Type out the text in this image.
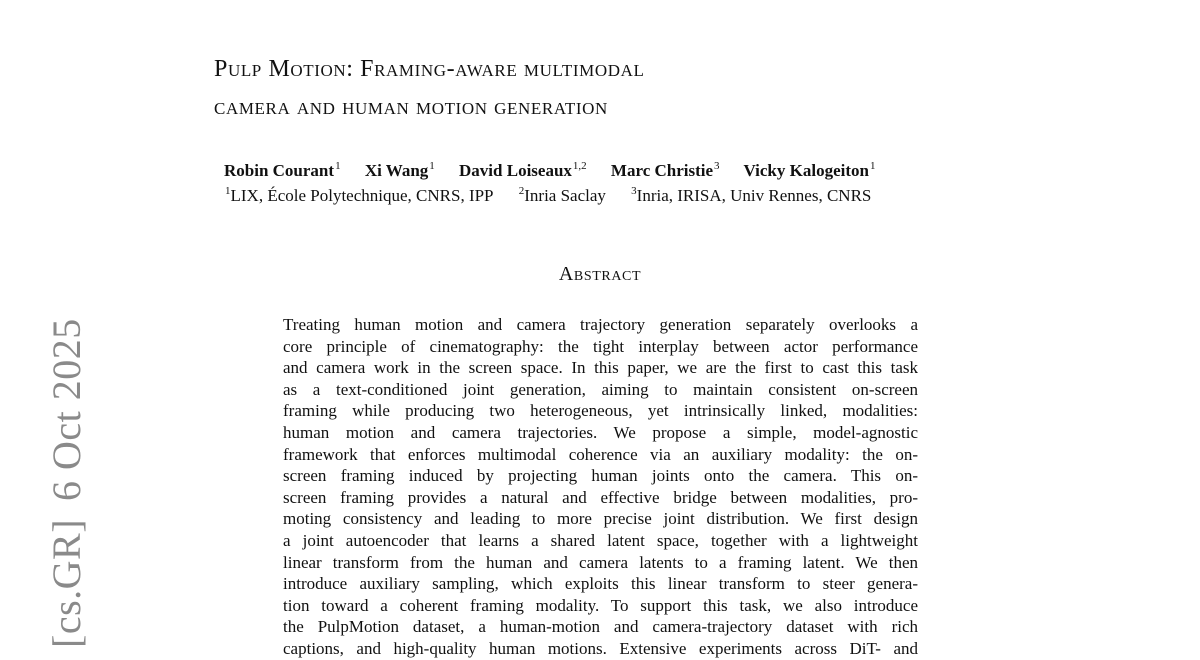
[cs.GR]6 Oct 2025
Pulp Motion: Framing-aware multimodal
camera and human motion generation
Robin Courant$^1$ Xi Wang$^1$ David Loiseaux$^{1,2}$ Marc Christie$^3$ Vicky Kalogeiton$^1$
$^1$LIX, École Polytechnique, CNRS, IPP $^2$Inria Saclay $^3$Inria, IRISA, Univ Rennes, CNRS
Abstract
Treating human motion and camera trajectory generation separately overlooks a
core principle of cinematography: the tight interplay between actor performance
and camera work in the screen space. In this paper, we are the first to cast this task
as a text-conditioned joint generation, aiming to maintain consistent on-screen
framing while producing two heterogeneous, yet intrinsically linked, modalities:
human motion and camera trajectories. We propose a simple, model-agnostic
framework that enforces multimodal coherence via an auxiliary modality: the on-
screen framing induced by projecting human joints onto the camera. This on-
screen framing provides a natural and effective bridge between modalities, pro-
moting consistency and leading to more precise joint distribution. We first design
a joint autoencoder that learns a shared latent space, together with a lightweight
linear transform from the human and camera latents to a framing latent. We then
introduce auxiliary sampling, which exploits this linear transform to steer genera-
tion toward a coherent framing modality. To support this task, we also introduce
the PulpMotion dataset, a human-motion and camera-trajectory dataset with rich
captions, and high-quality human motions. Extensive experiments across DiT- and
